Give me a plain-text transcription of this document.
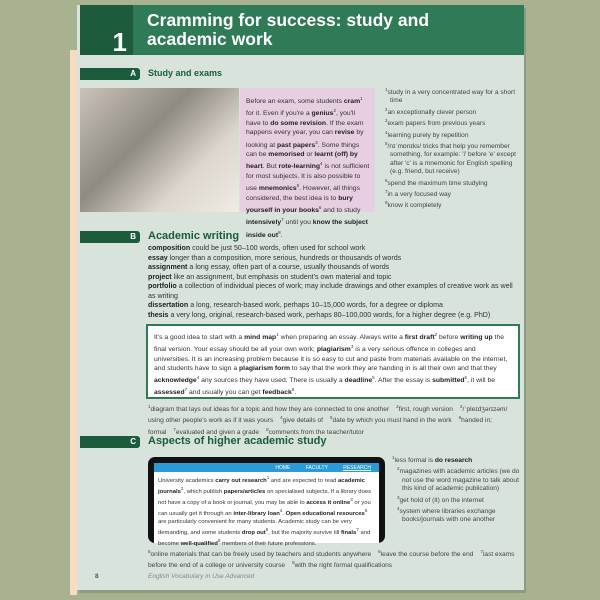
1
Cramming for success: study and academic work
A	Study and exams
Before an exam, some students cram$^1$ for it. Even if you're a genius$^2$, you'll have to do some revision. If the exam happens every year, you can revise by looking at past papers$^3$. Some things can be memorised or learnt (off) by heart. But rote-learning$^4$ is not sufficient for most subjects. It is also possible to use mnemonics$^5$. However, all things considered, the best idea is to bury yourself in your books$^6$ and to study intensively$^7$ until you know the subject inside out$^8$.
$^1$study in a very concentrated way for a short time
$^2$an exceptionally clever person
$^3$exam papers from previous years
$^4$learning purely by repetition
$^5$/nɪˈmɒnɪks/ tricks that help you remember something, for example: 'i' before 'e' except after 'c' is a mnemonic for English spelling (e.g. friend, but receive)
$^6$spend the maximum time studying
$^7$in a very focused way
$^8$know it completely
B	Academic writing
composition could be just 50–100 words, often used for school work
essay longer than a composition, more serious, hundreds or thousands of words
assignment a long essay, often part of a course, usually thousands of words
project like an assignment, but emphasis on student's own material and topic
portfolio a collection of individual pieces of work; may include drawings and other examples of creative work as well as writing
dissertation a long, research-based work, perhaps 10–15,000 words, for a degree or diploma
thesis a very long, original, research-based work, perhaps 80–100,000 words, for a higher degree (e.g. PhD)
It's a good idea to start with a mind map$^1$ when preparing an essay. Always write a first draft$^2$ before writing up the final version. Your essay should be all your own work; plagiarism$^3$ is a very serious offence in colleges and universities. It is an increasing problem because it is so easy to cut and paste from materials available on the internet, and students have to sign a plagiarism form to say that the work they are handing in is all their own and that they acknowledge$^4$ any sources they have used. There is usually a deadline$^5$. After the essay is submitted$^6$, it will be assessed$^7$ and usually you can get feedback$^8$.
$^1$diagram that lays out ideas for a topic and how they are connected to one another $^2$first, rough version $^3$/ˈpleɪdʒərɪzəm/ using other people's work as if it was yours $^4$give details of $^5$date by which you must hand in the work $^6$handed in; formal $^7$evaluated and given a grade $^8$comments from the teacher/tutor
C	Aspects of higher academic study
HOME	FACULTY	RESEARCH
University academics carry out research$^1$ and are expected to read academic journals$^2$, which publish papers/articles on specialised subjects. If a library does not have a copy of a book or journal, you may be able to access it online$^3$ or you can usually get it through an inter-library loan$^4$. Open educational resources$^5$ are particularly convenient for many students. Academic study can be very demanding, and some students drop out$^6$, but the majority survive till finals$^7$ and become well-qualified$^8$ members of their future professions.
$^1$less formal is do research
$^2$magazines with academic articles (we do not use the word magazine to talk about this kind of academic publication)
$^3$get hold of (it) on the internet
$^4$system where libraries exchange books/journals with one another
$^5$online materials that can be freely used by teachers and students anywhere $^6$leave the course before the end $^7$last exams before the end of a college or university course $^8$with the right formal qualifications
8	English Vocabulary in Use Advanced
